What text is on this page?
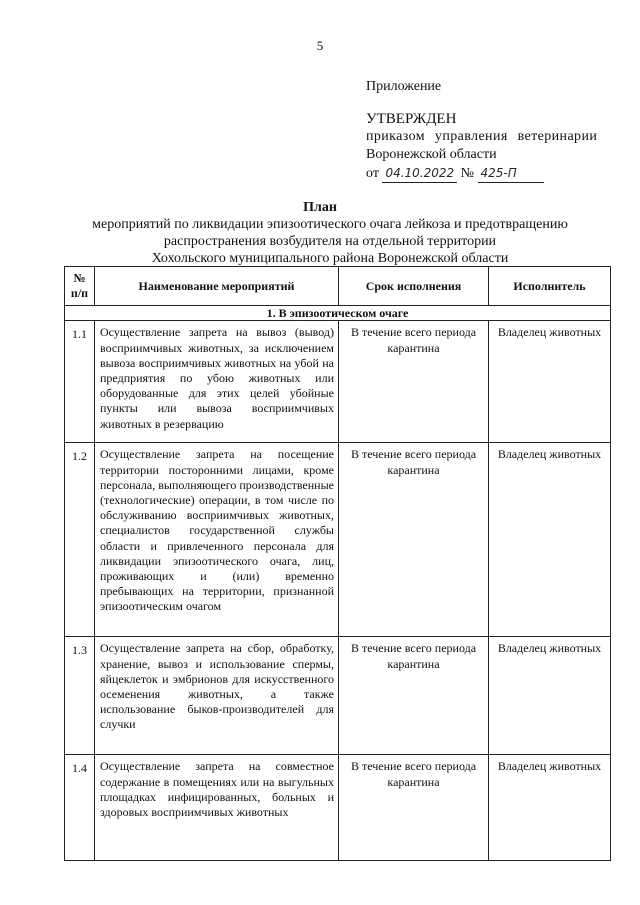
5
Приложение
УТВЕРЖДЕН
приказом управления ветеринарии
Воронежской области
от 04.10.2022 № 425-П
План
мероприятий по ликвидации эпизоотического очага лейкоза и предотвращению
распространения возбудителя на отдельной территории
Хохольского муниципального района Воронежской области
№ п/п	Наименование мероприятий	Срок исполнения	Исполнитель
1. В эпизоотическом очаге			
1.1	Осуществление запрета на вывоз (вывод) восприимчивых животных, за исключением вывоза восприимчивых животных на убой на предприятия по убою животных или оборудованные для этих целей убойные пункты или вывоза восприимчивых животных в резервацию	В течение всего периода карантина	Владелец животных
1.2	Осуществление запрета на посещение территории посторонними лицами, кроме персонала, выполняющего производственные (технологические) операции, в том числе по обслуживанию восприимчивых животных, специалистов государственной службы области и привлеченного персонала для ликвидации эпизоотического очага, лиц, проживающих и (или) временно пребывающих на территории, признанной эпизоотическим очагом	В течение всего периода карантина	Владелец животных
1.3	Осуществление запрета на сбор, обработку, хранение, вывоз и использование спермы, яйцеклеток и эмбрионов для искусственного осеменения животных, а также использование быков-производителей для случки	В течение всего периода карантина	Владелец животных
1.4	Осуществление запрета на совместное содержание в помещениях или на выгульных площадках инфицированных, больных и здоровых восприимчивых животных	В течение всего периода карантина	Владелец животных
